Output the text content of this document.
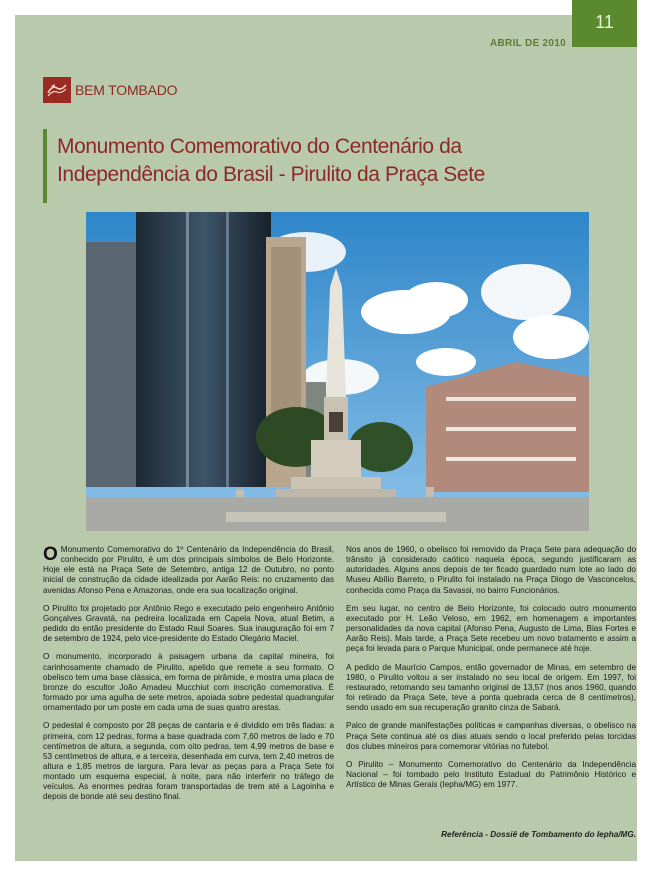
ABRIL DE 2010
BEM TOMBADO
Monumento Comemorativo do Centenário da
Independência do Brasil - Pirulito da Praça Sete

O Monumento Comemorativo do 1º Centenário da Independência do Brasil, conhecido por Pirulito, é um dos principais símbolos de Belo Horizonte. Hoje ele está na Praça Sete de Setembro, antiga 12 de Outubro, no ponto inicial de construção da cidade idealizada por Aarão Reis: no cruzamento das avenidas Afonso Pena e Amazonas, onde era sua localização original.

O Pirulito foi projetado por Antônio Rego e executado pelo engenheiro Antônio Gonçalves Gravatá, na pedreira localizada em Capela Nova, atual Betim, a pedido do então presidente do Estado Raul Soares. Sua inauguração foi em 7 de setembro de 1924, pelo vice-presidente do Estado Olegário Maciel.

O monumento, incorporado à paisagem urbana da capital mineira, foi carinhosamente chamado de Pirulito, apelido que remete a seu formato. O obelisco tem uma base clássica, em forma de pirâmide, e mostra uma placa de bronze do escultor João Amadeu Mucchiut com inscrição comemorativa. É formado por uma agulha de sete metros, apoiada sobre pedestal quadrangular ornamentado por um poste em cada uma de suas quatro arestas.

O pedestal é composto por 28 peças de cantaria e é dividido em três fiadas: a primeira, com 12 pedras, forma a base quadrada com 7,60 metros de lado e 70 centímetros de altura, a segunda, com oito pedras, tem 4,99 metros de base e 53 centímetros de altura, e a terceira, desenhada em curva, tem 2,40 metros de altura e 1,85 metros de largura. Para levar as peças para a Praça Sete foi montado um esquema especial, à noite, para não interferir no tráfego de veículos. As enormes pedras foram transportadas de trem até a Lagoinha e depois de bonde até seu destino final.

Nos anos de 1960, o obelisco foi removido da Praça Sete para adequação do trânsito já considerado caótico naquela época, segundo justificaram as autoridades. Alguns anos depois de ter ficado guardado num lote ao lado do Museu Abílio Barreto, o Pirulito foi instalado na Praça Diogo de Vasconcelos, conhecida como Praça da Savassi, no bairro Funcionários.

Em seu lugar, no centro de Belo Horizonte, foi colocado outro monumento executado por H. Leão Veloso, em 1962, em homenagem a importantes personalidades da nova capital (Afonso Pena, Augusto de Lima, Bias Fortes e Aarão Reis). Mais tarde, a Praça Sete recebeu um novo tratamento e assim a peça foi levada para o Parque Municipal, onde permanece até hoje.

A pedido de Maurício Campos, então governador de Minas, em setembro de 1980, o Pirulito voltou a ser instalado no seu local de origem. Em 1997, foi restaurado, retomando seu tamanho original de 13,57 (nos anos 1960, quando foi retirado da Praça Sete, teve a ponta quebrada cerca de 8 centímetros), sendo usado em sua recuperação granito cinza de Sabará.

Palco de grande manifestações políticas e campanhas diversas, o obelisco na Praça Sete continua até os dias atuais sendo o local preferido pelas torcidas dos clubes mineiros para comemorar vitórias no futebol.

O Pirulito – Monumento Comemorativo do Centenário da Independência Nacional – foi tombado pelo Instituto Estadual do Patrimônio Histórico e Artístico de Minas Gerais (Iepha/MG) em 1977.

Referência - Dossiê de Tombamento do Iepha/MG.
11
